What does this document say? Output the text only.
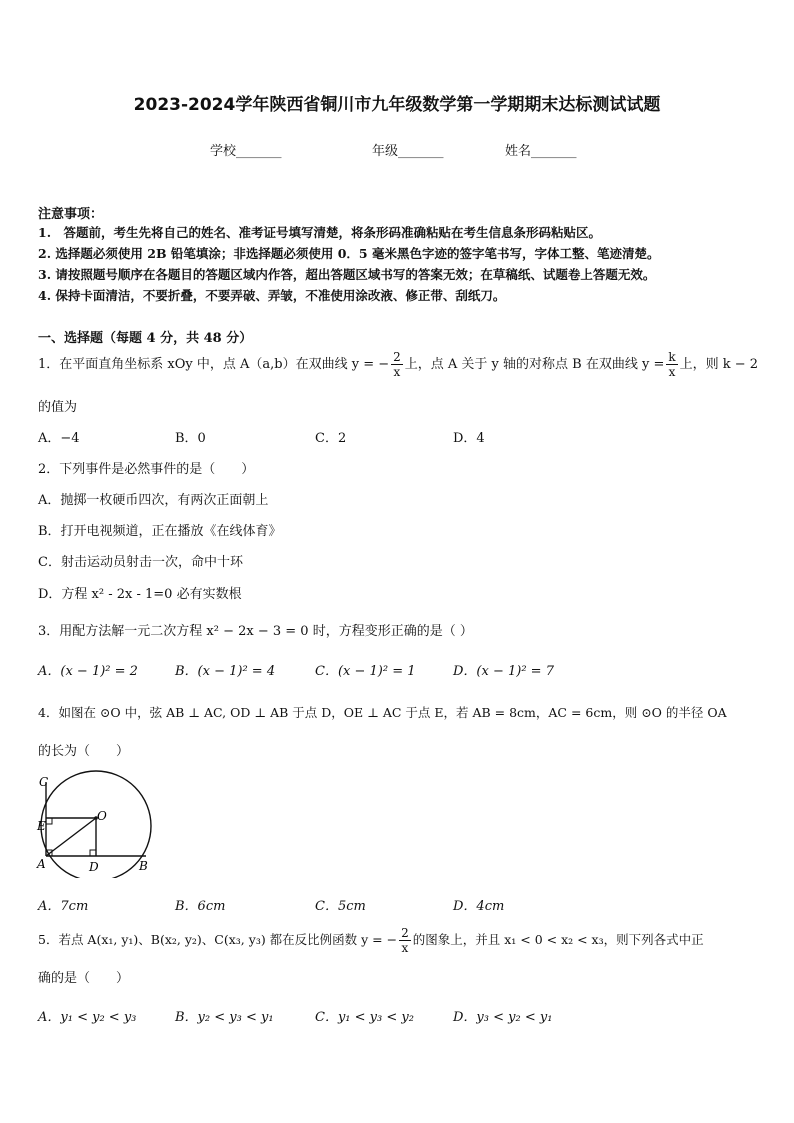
2023-2024学年陕西省铜川市九年级数学第一学期期末达标测试试题
学校_______	年级_______	姓名_______
注意事项：
1.　答题前，考生先将自己的姓名、准考证号填写清楚，将条形码准确粘贴在考生信息条形码粘贴区。
2. 选择题必须使用 2B 铅笔填涂；非选择题必须使用 0．5 毫米黑色字迹的签字笔书写，字体工整、笔迹清楚。
3. 请按照题号顺序在各题目的答题区域内作答，超出答题区域书写的答案无效；在草稿纸、试题卷上答题无效。
4. 保持卡面清洁，不要折叠，不要弄破、弄皱，不准使用涂改液、修正带、刮纸刀。
一、选择题（每题 4 分，共 48 分）
1．在平面直角坐标系 xOy 中，点 A（a,b）在双曲线 y = − $\frac{2}{x}$ 上，点 A 关于 y 轴的对称点 B 在双曲线 $y = \frac{k}{x}$ 上，则 k − 2
的值为
A．−4	B．0	C．2	D．4
2．下列事件是必然事件的是（　　）
A．抛掷一枚硬币四次，有两次正面朝上
B．打开电视频道，正在播放《在线体育》
C．射击运动员射击一次，命中十环
D．方程 x² - 2x - 1=0 必有实数根
3．用配方法解一元二次方程 x² − 2x − 3 = 0 时，方程变形正确的是（ ）
A．(x − 1)² = 2	B．(x − 1)² = 4	C．(x − 1)² = 1	D．(x − 1)² = 7
4．如图在 ⊙O 中，弦 AB ⊥ AC, OD ⊥ AB 于点 D，OE ⊥ AC 于点 E，若 AB = 8cm，AC = 6cm，则 ⊙O 的半径 OA
的长为（　　）
C
E
A	D	B
O
A．7cm	B．6cm	C．5cm	D．4cm
5．若点 A(x₁, y₁)、B(x₂, y₂)、C(x₃, y₃) 都在反比例函数 y = − $\frac{2}{x}$ 的图象上，并且 x₁ < 0 < x₂ < x₃，则下列各式中正
确的是（　　）
A．y₁ < y₂ < y₃	B．y₂ < y₃ < y₁	C．y₁ < y₃ < y₂	D．y₃ < y₂ < y₁
